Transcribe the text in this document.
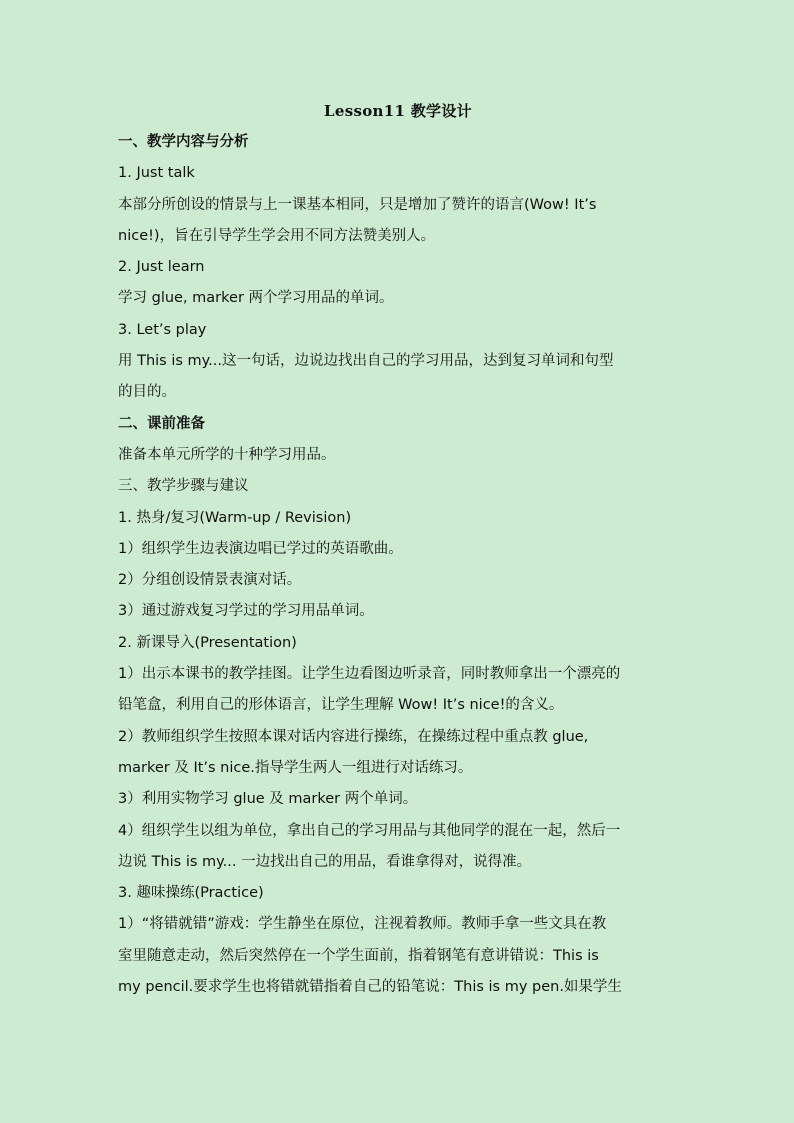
Lesson11 教学设计

一、教学内容与分析

1. Just talk

本部分所创设的情景与上一课基本相同，只是增加了赞许的语言(Wow! It’s

nice!)，旨在引导学生学会用不同方法赞美别人。

2. Just learn

学习 glue, marker 两个学习用品的单词。

3. Let’s play

用 This is my...这一句话，边说边找出自己的学习用品，达到复习单词和句型

的目的。

二、课前准备

准备本单元所学的十种学习用品。

三、教学步骤与建议

1. 热身/复习(Warm-up / Revision)

1）组织学生边表演边唱已学过的英语歌曲。

2）分组创设情景表演对话。

3）通过游戏复习学过的学习用品单词。

2. 新课导入(Presentation)

1）出示本课书的教学挂图。让学生边看图边听录音，同时教师拿出一个漂亮的

铅笔盒，利用自己的形体语言，让学生理解 Wow! It’s nice!的含义。

2）教师组织学生按照本课对话内容进行操练，在操练过程中重点教 glue,

marker 及 It’s nice.指导学生两人一组进行对话练习。

3）利用实物学习 glue 及 marker 两个单词。

4）组织学生以组为单位，拿出自己的学习用品与其他同学的混在一起，然后一

边说 This is my... 一边找出自己的用品，看谁拿得对，说得准。

3. 趣味操练(Practice)

1）“将错就错”游戏：学生静坐在原位，注视着教师。教师手拿一些文具在教

室里随意走动，然后突然停在一个学生面前，指着钢笔有意讲错说：This is

my pencil.要求学生也将错就错指着自己的铅笔说：This is my pen.如果学生
